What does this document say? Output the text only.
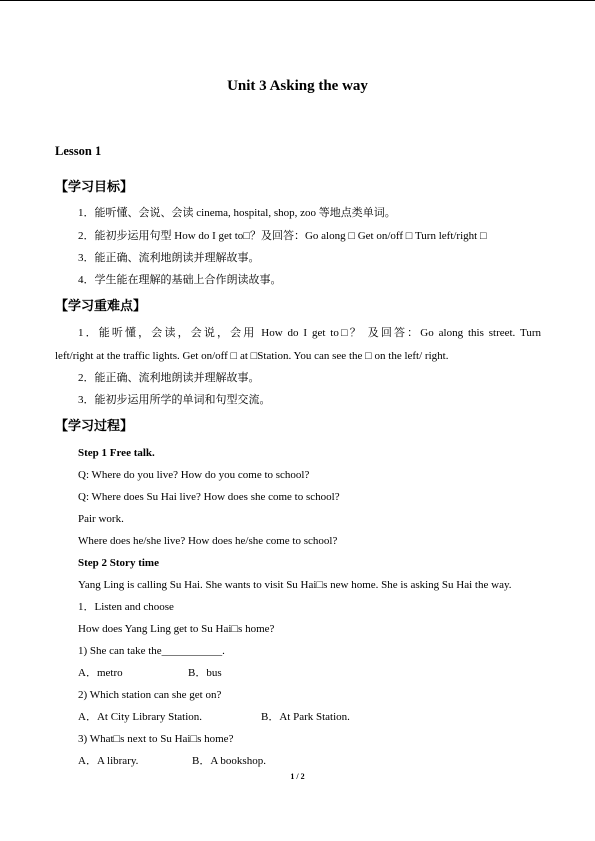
Unit 3 Asking the way
Lesson 1
【学习目标】
1．能听懂、会说、会读 cinema, hospital, shop, zoo 等地点类单词。
2．能初步运用句型 How do I get to□？及回答：Go along □ Get on/off □ Turn left/right □
3．能正确、流利地朗读并理解故事。
4．学生能在理解的基础上合作朗读故事。
【学习重难点】
1．能听懂，会读，会说，会用 How do I get to□？ 及回答：Go along this street. Turn
left/right at the traffic lights. Get on/off □ at □Station. You can see the □ on the left/ right.
2．能正确、流利地朗读并理解故事。
3．能初步运用所学的单词和句型交流。
【学习过程】
Step 1 Free talk.
Q: Where do you live? How do you come to school?
Q: Where does Su Hai live? How does she come to school?
Pair work.
Where does he/she live? How does he/she come to school?
Step 2 Story time
Yang Ling is calling Su Hai. She wants to visit Su Hai□s new home. She is asking Su Hai the way.
1．Listen and choose
How does Yang Ling get to Su Hai□s home?
1) She can take the___________.
A．metro	B．bus
2) Which station can she get on?
A．At City Library Station.	B．At Park Station.
3) What□s next to Su Hai□s home?
A．A library.	B．A bookshop.
1 / 2
